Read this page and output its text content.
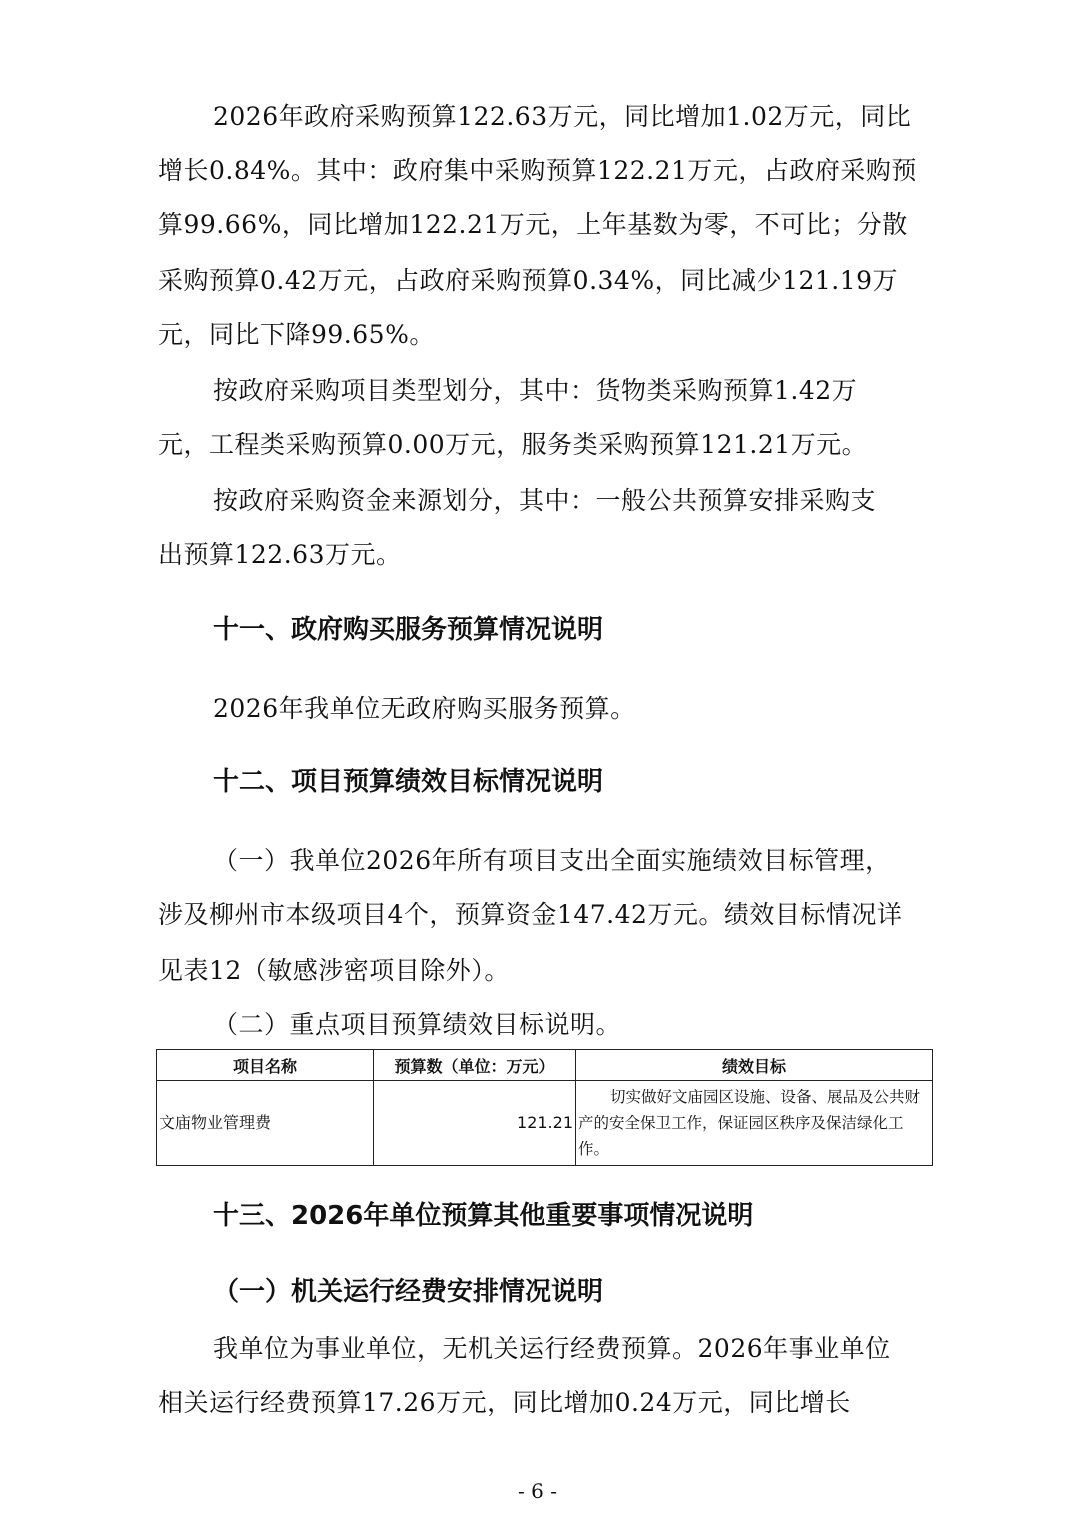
2026年政府采购预算122.63万元，同比增加1.02万元，同比
增长0.84%。其中：政府集中采购预算122.21万元，占政府采购预
算99.66%，同比增加122.21万元，上年基数为零，不可比；分散
采购预算0.42万元，占政府采购预算0.34%，同比减少121.19万
元，同比下降99.65%。
按政府采购项目类型划分，其中：货物类采购预算1.42万
元，工程类采购预算0.00万元，服务类采购预算121.21万元。
按政府采购资金来源划分，其中：一般公共预算安排采购支
出预算122.63万元。
十一、政府购买服务预算情况说明
2026年我单位无政府购买服务预算。
十二、项目预算绩效目标情况说明
（一）我单位2026年所有项目支出全面实施绩效目标管理，
涉及柳州市本级项目4个，预算资金147.42万元。绩效目标情况详
见表12（敏感涉密项目除外）。
（二）重点项目预算绩效目标说明。
项目名称	预算数（单位：万元）	绩效目标
文庙物业管理费	121.21	切实做好文庙园区设施、设备、展品及公共财产的安全保卫工作，保证园区秩序及保洁绿化工作。
十三、2026年单位预算其他重要事项情况说明
（一）机关运行经费安排情况说明
我单位为事业单位，无机关运行经费预算。2026年事业单位
相关运行经费预算17.26万元，同比增加0.24万元，同比增长
- 6 -
